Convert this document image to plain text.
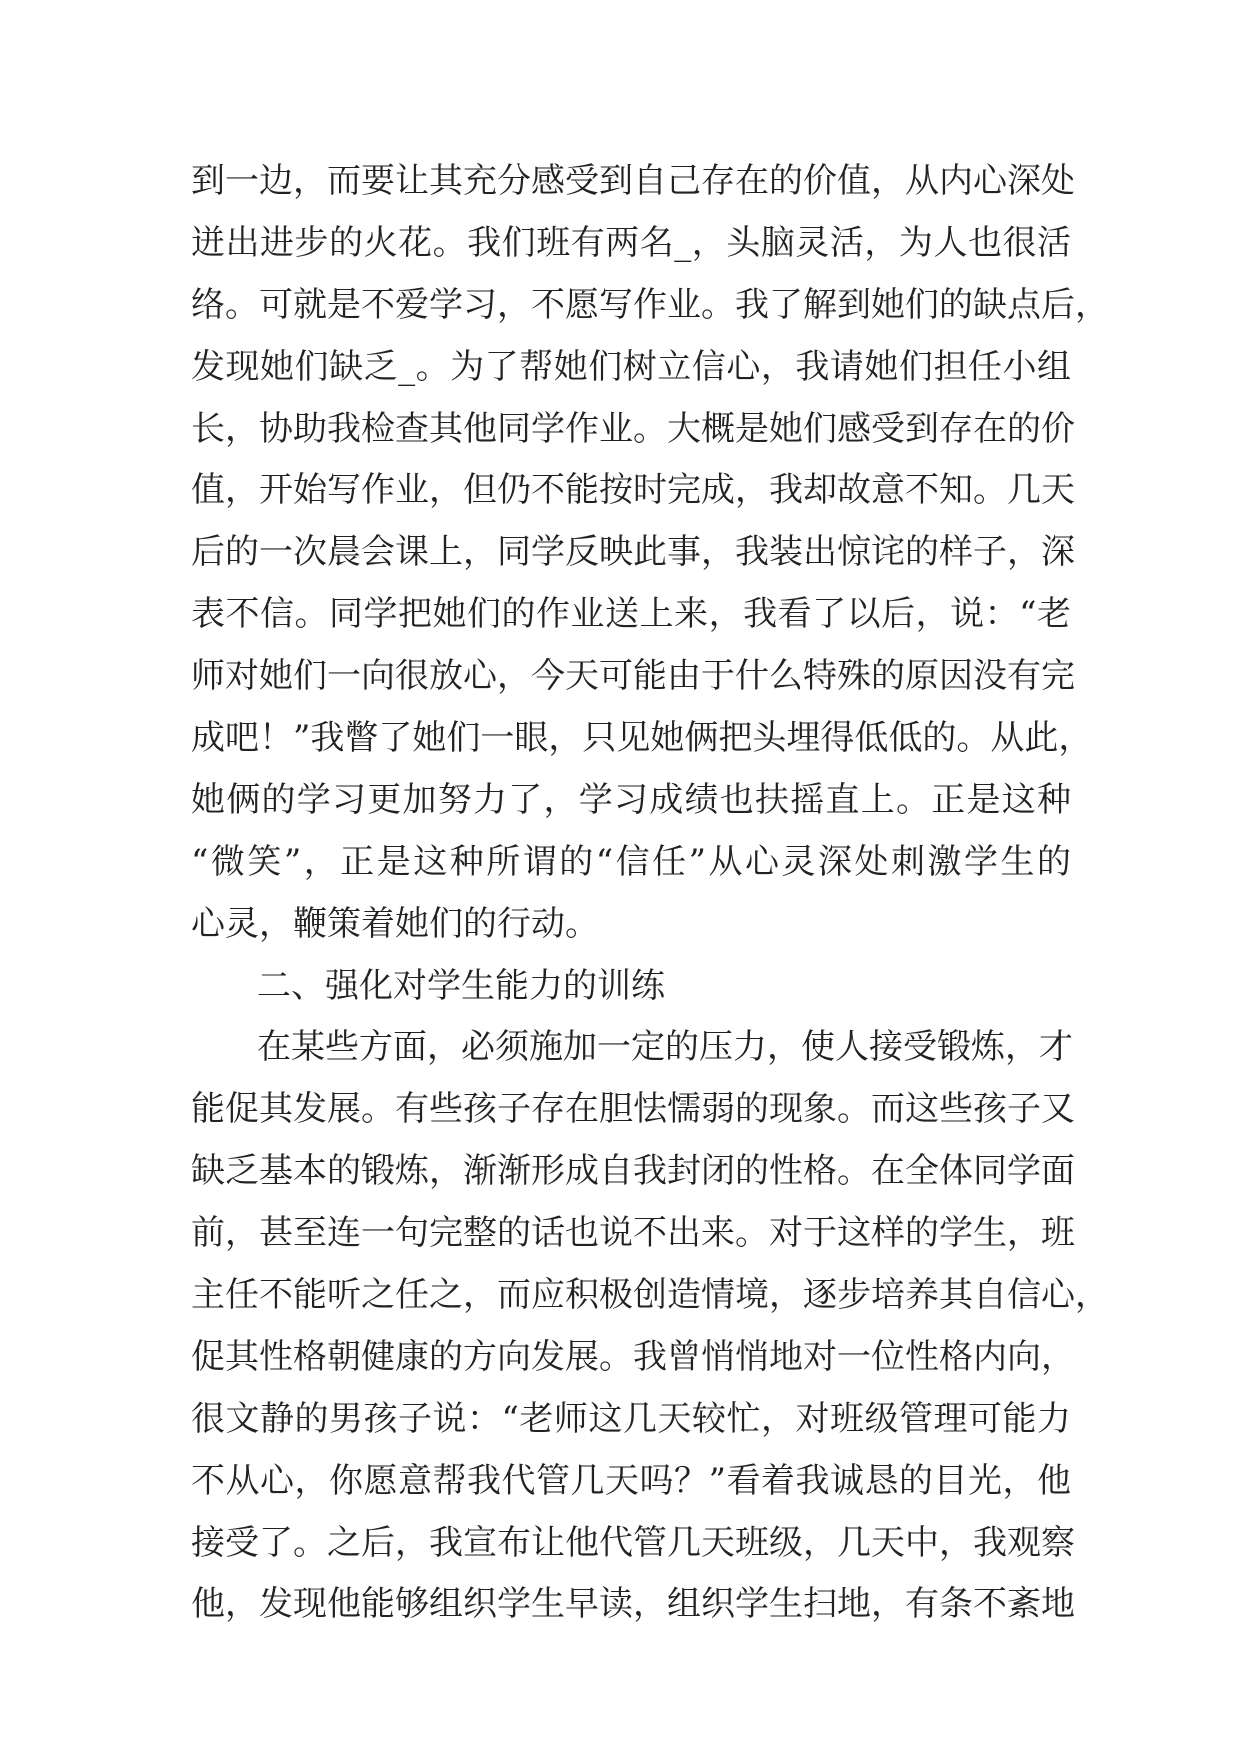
到一边，而要让其充分感受到自己存在的价值，从内心深处
迸出进步的火花。我们班有两名_，头脑灵活，为人也很活
络。可就是不爱学习，不愿写作业。我了解到她们的缺点后，
发现她们缺乏_。为了帮她们树立信心，我请她们担任小组
长，协助我检查其他同学作业。大概是她们感受到存在的价
值，开始写作业，但仍不能按时完成，我却故意不知。几天
后的一次晨会课上，同学反映此事，我装出惊诧的样子，深
表不信。同学把她们的作业送上来，我看了以后，说：“老
师对她们一向很放心，今天可能由于什么特殊的原因没有完
成吧！”我瞥了她们一眼，只见她俩把头埋得低低的。从此，
她俩的学习更加努力了，学习成绩也扶摇直上。正是这种
“微笑”，正是这种所谓的“信任”从心灵深处刺激学生的
心灵，鞭策着她们的行动。
二、强化对学生能力的训练
在某些方面，必须施加一定的压力，使人接受锻炼，才
能促其发展。有些孩子存在胆怯懦弱的现象。而这些孩子又
缺乏基本的锻炼，渐渐形成自我封闭的性格。在全体同学面
前，甚至连一句完整的话也说不出来。对于这样的学生，班
主任不能听之任之，而应积极创造情境，逐步培养其自信心，
促其性格朝健康的方向发展。我曾悄悄地对一位性格内向，
很文静的男孩子说：“老师这几天较忙，对班级管理可能力
不从心，你愿意帮我代管几天吗？”看着我诚恳的目光，他
接受了。之后，我宣布让他代管几天班级，几天中，我观察
他，发现他能够组织学生早读，组织学生扫地，有条不紊地
